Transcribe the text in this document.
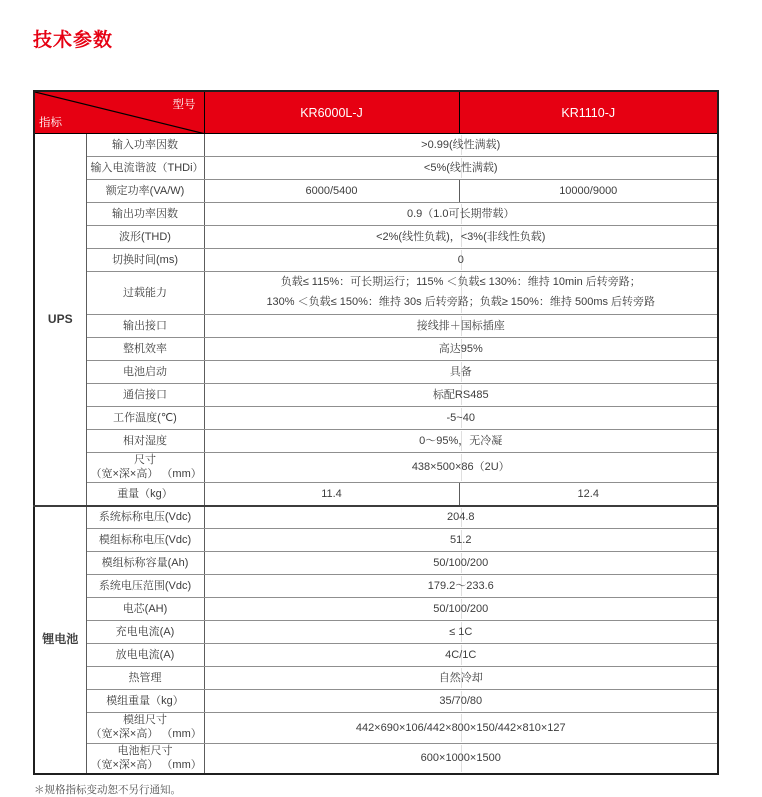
技术参数
型号
指标		KR6000L-J	KR1110-J
UPS	输入功率因数	>0.99(线性满载)	
	输入电流谐波（THDi）	<5%(线性满载)	
	额定功率(VA/W)	6000/5400	10000/9000
	输出功率因数	0.9（1.0可长期带载）	
	波形(THD)	<2%(线性负载)，<3%(非线性负载)	
	切换时间(ms)	0	
	过载能力	负载≤ 115%：可长期运行；115% ＜负载≤ 130%：维持 10min 后转旁路；
130% ＜负载≤ 150%：维持 30s 后转旁路；负载≥ 150%：维持 500ms 后转旁路	

	输出接口	接线排＋国标插座	
	整机效率	高达95%	
	电池启动	具备	
	通信接口	标配RS485	
	工作温度(℃)	-5~40	
	相对湿度	0～95%，无冷凝	

	尺寸
（宽×深×高） （mm）	438×500×86（2U）	
	重量（kg）	11.4	12.4
锂电池	系统标称电压(Vdc)	204.8	
	模组标称电压(Vdc)	51.2	
	模组标称容量(Ah)	50/100/200	
	系统电压范围(Vdc)	179.2～233.6	
	电芯(AH)	50/100/200	
	充电电流(A)	≤ 1C	
	放电电流(A)	4C/1C	
	热管理	自然冷却	
	模组重量（kg）	35/70/80	

	模组尺寸
（宽×深×高） （mm）	442×690×106/442×800×150/442×810×127	

	电池柜尺寸
（宽×深×高） （mm）	600×1000×1500	

＊规格指标变动恕不另行通知。
